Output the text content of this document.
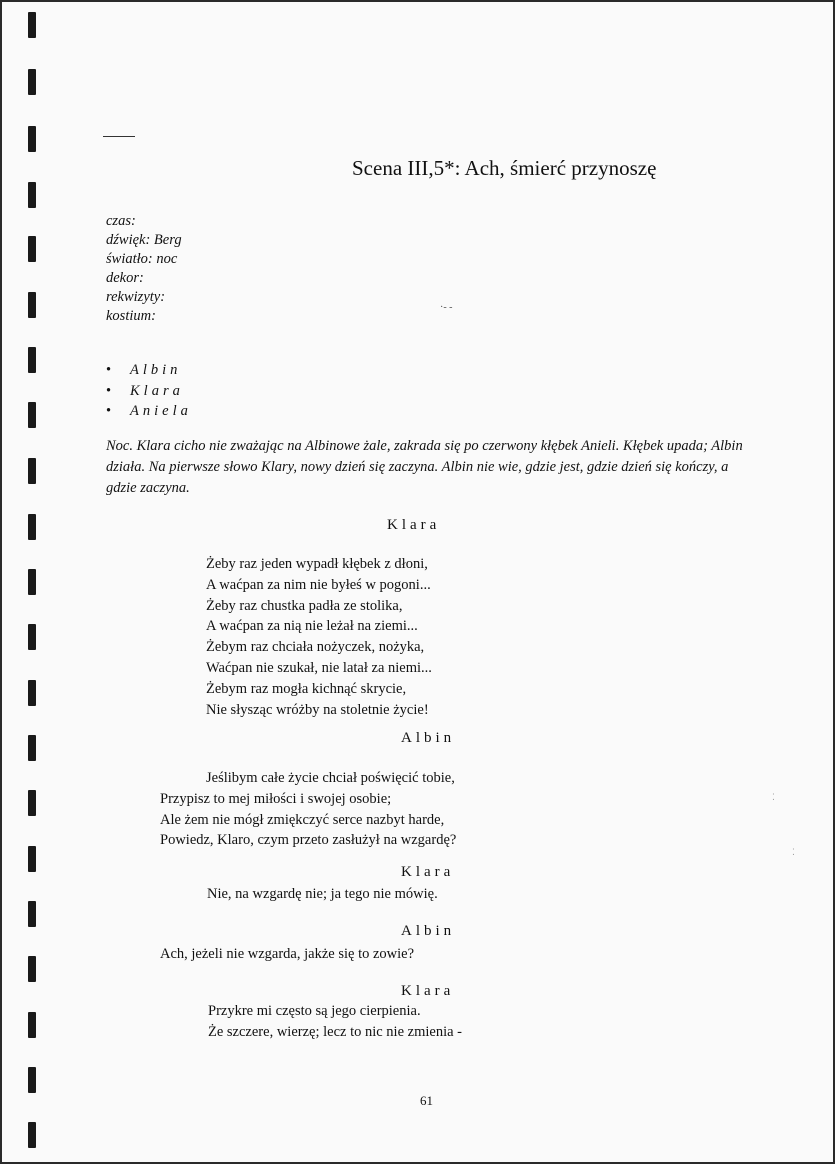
Scena III,5*: Ach, śmierć przynoszę
czas:
dźwięk: Berg
światło: noc
dekor:
rekwizyty:
kostium:
·- -
• Albin
• Klara
• Aniela
Noc. Klara cicho nie zważając na Albinowe żale, zakrada się po czerwony kłębek Anieli. Kłębek upada; Albin działa. Na pierwsze słowo Klary, nowy dzień się zaczyna. Albin nie wie, gdzie jest, gdzie dzień się kończy, a gdzie zaczyna.
Klara
Żeby raz jeden wypadł kłębek z dłoni,
A waćpan za nim nie byłeś w pogoni...
Żeby raz chustka padła ze stolika,
A waćpan za nią nie leżał na ziemi...
Żebym raz chciała nożyczek, nożyka,
Waćpan nie szukał, nie latał za niemi...
Żebym raz mogła kichnąć skrycie,
Nie słysząc wróżby na stoletnie życie!
Albin
Jeślibym całe życie chciał poświęcić tobie,
Przypisz to mej miłości i swojej osobie;
Ale żem nie mógł zmiękczyć serce nazbyt harde,
Powiedz, Klaro, czym przeto zasłużył na wzgardę?
Klara
Nie, na wzgardę nie; ja tego nie mówię.
Albin
Ach, jeżeli nie wzgarda, jakże się to zowie?
Klara
Przykre mi często są jego cierpienia.
Że szczere, wierzę; lecz to nic nie zmienia -
61
⁚
⁚
